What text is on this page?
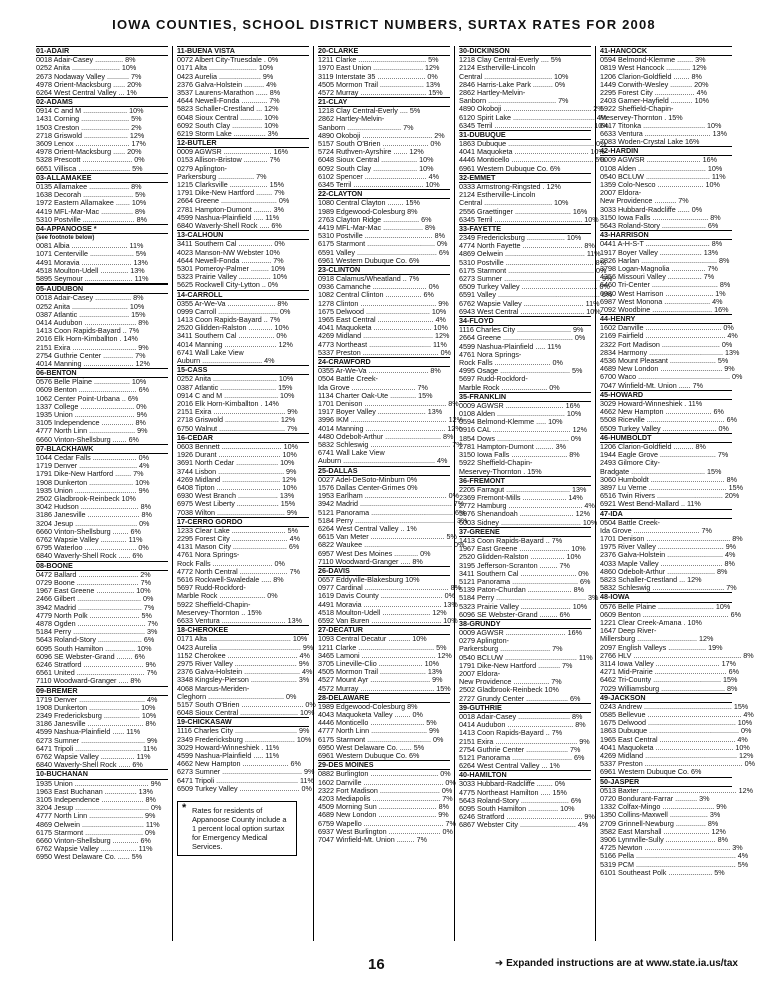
IOWA COUNTIES, SCHOOL DISTRICT NUMBERS, SURTAX RATES FOR 2008
01-ADAIR
0018 Adair-Casey .............. 8%
0252 Anita ........................ 10%
2673 Nodaway Valley ........... 7%
4978 Orient-Macksburg ...... 20%
6264 West Central Valley ... 1%
02-ADAMS
0914 C and M ...................... 10%
1431 Corning ........................ 5%
1503 Creston ........................ 2%
2718 Griswold ...................... 12%
3609 Lenox ........................... 17%
4978 Orient-Macksburg ...... 20%
5328 Prescott ......................... 0%
6651 Villisca .......................... 5%
03-ALLAMAKEE
0135 Allamakee .................... 8%
1638 Decorah ......................... 5%
1972 Eastern Allamakee ....... 10%
4419 MFL-Mar-Mac ................ 8%
5310 Postville .......................... 8%
04-APPANOOSE *
(see footnote below)
0081 Albia ............................ 11%
1071 Centerville ...................... 5%
4491 Moravia ......................... 13%
4518 Moulton-Udell .............. 13%
5895 Seymour ........................ 11%
05-AUDUBON
0018 Adair-Casey .................. 8%
0252 Anita ............................ 10%
0387 Atlantic ......................... 15%
0414 Audubon .......................... 8%
1413 Coon Rapids-Bayard .. 7%
2016 Elk Horn-Kimballton . 14%
2151 Exira ................................ 9%
2754 Guthrie Center ............... 7%
4014 Manning ......................... 12%
06-BENTON
0576 Belle Plaine .................. 10%
0609 Benton ............................. 6%
1062 Center Point-Urbana .. 6%
1337 College ........................... 0%
1935 Union .............................. 9%
3105 Independence ................ 8%
4777 North Linn ....................... 9%
6660 Vinton-Shellsburg ....... 6%
07-BLACKHAWK
1044 Cedar Falls ...................... 0%
1719 Denver ............................. 4%
1791 Dike-New Hartford ........ 7%
1908 Dunkerton ...................... 10%
1935 Union ............................... 9%
2502 Gladbrook-Reinbeck 10%
3042 Hudson ............................. 8%
3186 Janesville .......................... 8%
3204 Jesup ............................... 0%
6660 Vinton-Shellsburg ........ 6%
6762 Wapsie Valley ............. 11%
6795 Waterloo .......................... 0%
6840 Waverly-Shell Rock ...... 6%
08-BOONE
0472 Ballard .............................. 2%
0729 Boone ............................... 7%
1967 East Greene ................... 10%
2466 Gilbert ................................ 0%
3942 Madrid ................................ 7%
4779 North Polk ......................... 5%
4878 Ogden .................................. 7%
5184 Perry .................................... 3%
5643 Roland-Story ...................... 6%
6095 South Hamilton ............... 10%
6096 SE Webster-Grand ........ 6%
6246 Stratford .............................. 9%
6561 United .................................. 7%
7110 Woodward-Granger ..... 8%
09-BREMER
1719 Denver ................................. 4%
1908 Dunkerton ......................... 10%
2349 Fredericksburg .................. 10%
3186 Janesville ............................ 8%
4599 Nashua-Plainfield ...... 11%
6273 Sumner ................................ 9%
6471 Tripoli ................................. 11%
6762 Wapsie Valley ................. 11%
6840 Waverly-Shell Rock ...... 6%
10-BUCHANAN
1935 Union ..................................... 9%
1963 East Buchanan ................ 13%
3105 Independence ..................... 8%
3204 Jesup ..................................... 0%
4777 North Linn ........................... 9%
4869 Oelwein ............................... 11%
6175 Starmont ............................. 0%
6660 Vinton-Shellsburg ............. 6%
6762 Wapsie Valley .................. 11%
6950 West Delaware Co. ...... 5%
11-BUENA VISTA
0072 Albert City-Truesdale . 0%
0171 Alta ........................ 10%
0423 Aurelia ..................... 9%
2376 Galva-Holstein .......... 4%
3537 Laurens-Marathon ...... 8%
4644 Newell-Fonda ............. 7%
5823 Schaller-Crestland ... 12%
6048 Sioux Central ........... 10%
6092 South Clay ............... 10%
6219 Storm Lake ................ 3%
12-BUTLER
0009 AGWSR ........................ 16%
0153 Allison-Bristow ............ 7%
0279 Aplington-
Parkersburg .................. 7%
1215 Clarksville ................... 15%
1791 Dike-New Hartford ........ 7%
2664 Greene ............................ 0%
2781 Hampton-Dumont ......... 3%
4599 Nashua-Plainfield ..... 11%
6840 Waverly-Shell Rock ..... 6%
13-CALHOUN
3411 Southern Cal ................. 0%
4023 Manson-NW Webster 10%
4644 Newell-Fonda ............... 7%
5301 Pomeroy-Palmer ......... 10%
5323 Prairie Valley ................ 10%
5625 Rockwell City-Lytton .. 0%
14-CARROLL
0355 Ar-We-Va ........................ 8%
0999 Carroll .............................. 0%
1413 Coon Rapids-Bayard .. 7%
2520 Glidden-Ralston ............ 10%
3411 Southern Cal .................. 0%
4014 Manning .......................... 12%
6741 Wall Lake View
Auburn .............................. 4%
15-CASS
0252 Anita ................................ 10%
0387 Atlantic ............................ 15%
0914 C and M ........................... 10%
2016 Elk Horn-Kimballton . 14%
2151 Exira .................................... 9%
2718 Griswold ........................... 12%
6750 Walnut ................................. 7%
16-CEDAR
0603 Bennett .............................. 10%
1926 Durant ............................... 10%
3691 North Cedar ..................... 10%
3744 Lisbon ................................. 9%
4269 Midland ............................. 12%
6408 Tipton ................................ 10%
6930 West Branch .................... 13%
6975 West Liberty ..................... 15%
7038 Wilton .................................. 9%
17-CERRO GORDO
1233 Clear Lake ........................... 5%
2295 Forest City ............................ 4%
4131 Mason City ........................... 6%
4761 Nora Springs-
Rock Falls .............................. 0%
4772 North Central ........................ 7%
5616 Rockwell-Swaledale ..... 8%
5697 Rudd-Rockford-
Marble Rock ....................... 0%
5922 Sheffield-Chapin-
Meservey-Thornton .. 15%
6633 Ventura ................................ 13%
18-CHEROKEE
0171 Alta ......................................... 10%
0423 Aurelia ......................................... 9%
1152 Cherokee ................................... 4%
2975 River Valley ............................... 9%
2376 Galva-Holstein ............................ 4%
3348 Kingsley-Pierson ....................... 3%
4068 Marcus-Meriden-
Cleghorn ...................................... 0%
5157 South O'Brien ............................... 0%
6048 Sioux Central ............................. 10%
19-CHICKASAW
1116 Charles City ............................... 9%
2349 Fredericksburg ......................... 10%
3029 Howard-Winneshiek . 11%
4599 Nashua-Plainfield ..... 11%
4662 New Hampton ....................... 6%
6273 Sumner ........................................ 9%
6471 Tripoli ......................................... 11%
6509 Turkey Valley .............................. 0%
* Rates for residents of Appanoose County include a 1 percent local option surtax for Emergency Medical Services.
20-CLARKE
1211 Clarke .................................. 5%
1970 East Union ......................... 12%
3119 Interstate 35 ........................ 0%
4505 Mormon Trail ...................... 13%
4572 Murray ................................. 15%
21-CLAY
1218 Clay Central-Everly .... 5%
2862 Hartley-Melvin-
Sanborn ........................... 7%
4890 Okoboji ................................... 2%
5157 South O'Brien ....................... 0%
5724 Ruthven-Ayrshire ....... 12%
6048 Sioux Central .................. 10%
6092 South Clay ...................... 10%
6102 Spencer ............................... 4%
6345 Terril ................................... 10%
22-CLAYTON
1080 Central Clayton ........ 15%
1989 Edgewood-Colesburg 8%
2763 Clayton Ridge .................. 6%
4419 MFL-Mar-Mac .................... 8%
5310 Postville .................................. 8%
6175 Starmont .................................. 0%
6591 Valley ........................................ 6%
6961 Western Dubuque Co. 6%
23-CLINTON
0918 Calamus/Wheatland .. 7%
0936 Camanche ........................... 0%
1082 Central Clinton .................. 6%
1278 Clinton ...................................... 9%
1675 Delwood ................................ 10%
1965 East Central ............................ 4%
4041 Maquoketa ............................. 10%
4269 Midland ................................... 12%
4773 Northeast ............................... 11%
5337 Preston ...................................... 0%
24-CRAWFORD
0355 Ar-We-Va .............................. 8%
0504 Battle Creek-
Ida Grove ................................ 7%
1134 Charter Oak-Ute ............. 15%
1701 Denison ......................................... 8%
1917 Boyer Valley ........................ 13%
3996 IKM ................................................ 12%
4014 Manning ........................................ 12%
4480 Odebolt-Arthur ............................ 8%
5832 Schleswig ........................................ 7%
6741 Wall Lake View
Auburn .............................................. 4%
25-DALLAS
0027 Adel-DeSoto-Minburn 0%
1576 Dallas Center-Grimes 0%
1953 Earlham ......................................... 0%
3942 Madrid .............................................. 7%
5121 Panorama ......................................... 6%
5184 Perry .................................................. 3%
6264 West Central Valley .. 1%
6615 Van Meter ..................................... 5%
6822 Waukee ............................................ 0%
6957 West Des Moines ............ 0%
7110 Woodward-Granger ..... 8%
26-DAVIS
0657 Eddyville-Blakesburg 10%
0977 Cardinal .......................................... 8%
1619 Davis County ............................... 0%
4491 Moravia ....................................... 13%
4518 Moulton-Udell ........................ 12%
6592 Van Buren ................................... 10%
27-DECATUR
1093 Central Decatur ........... 10%
1211 Clarke ...................................... 5%
3465 Lamoni ..................................... 12%
3705 Lineville-Clio ...................... 10%
4505 Mormon Trail ....................... 13%
4527 Mount Ayr .............................. 9%
4572 Murray ..................................... 15%
28-DELAWARE
1989 Edgewood-Colesburg 8%
4043 Maquoketa Valley ........ 0%
4446 Monticello ........................... 5%
4777 North Linn ............................ 9%
6175 Starmont ................................ 0%
6950 West Delaware Co. ...... 5%
6961 Western Dubuque Co. 6%
29-DES MOINES
0882 Burlington .................................. 0%
1602 Danville ........................................ 0%
2322 Fort Madison .............................. 0%
4203 Mediapolis .................................. 7%
4509 Morning Sun ............................. 8%
4689 New London ............................. 9%
6759 Wapello ........................................ 7%
6937 West Burlington .......................... 0%
7047 Winfield-Mt. Union ......... 7%
30-DICKINSON
1218 Clay Central-Everly .... 5%
2124 Estherville-Lincoln
Central .................................. 10%
2846 Harris-Lake Park .......... 0%
2862 Hartley-Melvin-
Sanborn .................................. 7%
4890 Okoboji ............................................ 2%
6120 Spirit Lake ......................................... 4%
6345 Terril ................................................. 10%
31-DUBUQUE
1863 Dubuque ........................................... 0%
4041 Maquoketa ..................................... 10%
4446 Monticello ......................................... 5%
6961 Western Dubuque Co. 6%
32-EMMET
0333 Armstrong-Ringsted . 12%
2124 Estherville-Lincoln
Central .................................. 10%
2556 Graettinger ............................ 16%
6345 Terril ............................................ 10%
33-FAYETTE
2349 Fredericksburg ................... 10%
4774 North Fayette .............................. 8%
4869 Oelwein ........................................ 11%
5310 Postville ............................................ 8%
6175 Starmont ........................................... 0%
6273 Sumner ................................................ 9%
6509 Turkey Valley ...................................... 0%
6591 Valley ................................................... 6%
6762 Wapsie Valley .............................. 11%
6943 West Central ................................ 10%
34-FLOYD
1116 Charles City ........................... 9%
2664 Greene ................................... 0%
4599 Nashua-Plainfield ..... 11%
4761 Nora Springs-
Rock Falls ............................ 0%
4995 Osage ................................... 5%
5697 Rudd-Rockford-
Marble Rock ....................... 0%
35-FRANKLIN
0009 AGWSR ............................. 16%
0108 Alden .................................. 10%
0594 Belmond-Klemme ..... 10%
0916 CAL ....................................... 12%
1854 Dows .................................... 0%
2781 Hampton-Dumont ......... 3%
3150 Iowa Falls ............................ 8%
5922 Sheffield-Chapin-
Meservey-Thornton . 15%
36-FREMONT
2205 Farragut ................................ 13%
2369 Fremont-Mills ...................... 14%
2772 Hamburg ..................................... 4%
5976 Shenandoah ........................... 12%
6003 Sidney ........................................ 10%
37-GREENE
1413 Coon Rapids-Bayard .. 7%
1967 East Greene ......................... 10%
2520 Glidden-Ralston ................. 10%
3195 Jefferson-Scranton ......... 7%
3411 Southern Cal ............................ 0%
5121 Panorama ................................. 6%
5139 Paton-Churdan ...................... 8%
5184 Perry ............................................. 3%
5323 Prairie Valley ......................... 10%
6096 SE Webster-Grand ......... 6%
38-GRUNDY
0009 AGWSR .............................. 16%
0279 Aplington-
Parkersburg ......................... 7%
0540 BCLUW .................................... 11%
1791 Dike-New Hartford ........... 7%
2007 Eldora-
New Providence .................. 7%
2502 Gladbrook-Reinbeck 10%
2727 Grundy Center ..................... 6%
39-GUTHRIE
0018 Adair-Casey .......................... 8%
0414 Audubon ................................. 8%
1413 Coon Rapids-Bayard .. 7%
2151 Exira ......................................... 9%
2754 Guthrie Center ..................... 7%
5121 Panorama .............................. 6%
6264 West Central Valley ... 1%
40-HAMILTON
3033 Hubbard-Radcliffe ........ 0%
4775 Northeast Hamilton ..... 15%
5643 Roland-Story ........................ 6%
6095 South Hamilton ............... 10%
6246 Stratford ...................................... 9%
6867 Webster City ............................ 4%
41-HANCOCK
0594 Belmond-Klemme ........ 3%
0819 West Hancock ............ 12%
1206 Clarion-Goldfield ........ 8%
1449 Corwith-Wesley ........... 20%
2295 Forest City .................... 4%
2403 Garner-Hayfield ........... 10%
5922 Sheffield-Chapin-
Meservey-Thornton . 15%
6417 Titonka ............................... 10%
6633 Ventura ................................. 13%
7083 Woden-Crystal Lake 16%
42-HARDIN
0009 AGWSR ........................... 16%
0108 Alden .................................. 10%
0540 BCLUW ................................ 11%
1359 Colo-Nesco ....................... 10%
2007 Eldora-
New Providence ........... 7%
3033 Hubbard-Radcliffe ...... 0%
3150 Iowa Falls ............................ 8%
5643 Roland-Story ...................... 6%
43-HARRISON
0441 A-H-S-T ................................ 8%
1917 Boyer Valley ..................... 13%
2826 Harlan ...................................... 8%
3798 Logan-Magnolia ................. 7%
4356 Missouri Valley ................. 7%
6460 Tri-Center ................................. 8%
6980 West Harrison ........................ 1%
6987 West Monona ....................... 4%
7092 Woodbine .............................. 16%
44-HENRY
1602 Danville ...................................... 0%
2169 Fairfield ........................................ 4%
2322 Fort Madison ............................. 0%
2834 Harmony ..................................... 13%
4536 Mount Pleasant ....................... 5%
4689 New London ............................... 9%
6700 Waco .............................................. 0%
7047 Winfield-Mt. Union ...... 7%
45-HOWARD
3029 Howard-Winneshiek . 11%
4662 New Hampton ....................... 6%
5508 Riceville ....................................... 6%
6509 Turkey Valley ........................... 0%
46-HUMBOLDT
1206 Clarion-Goldfield .......... 8%
1944 Eagle Grove ............................ 7%
2493 Gilmore City-
Bradgate ..................................... 15%
3060 Humboldt ..................................... 8%
3897 Lu Verne ....................................... 15%
6516 Twin Rivers ................................. 20%
6921 West Bend-Mallard .. 11%
47-IDA
0504 Battle Creek-
Ida Grove ................................. 7%
1701 Denison .......................................... 8%
1975 River Valley ................................. 9%
2376 Galva-Holstein ............................ 4%
4033 Maple Valley ............................... 8%
4860 Odebolt-Arthur ........................ 8%
5823 Schaller-Crestland ... 12%
5832 Schleswig .................................... 7%
48-IOWA
0576 Belle Plaine ............................ 10%
0609 Benton ........................................... 6%
1221 Clear Creek-Amana . 10%
1647 Deep River-
Millersburg .............................. 12%
2097 English Valleys ................... 19%
2766 HLV ...................................................... 8%
3114 Iowa Valley ................................ 17%
4271 Mid-Prairie .................................... 6%
6462 Tri-County .................................. 15%
7029 Williamsburg ................................ 8%
49-JACKSON
0243 Andrew ............................................ 15%
0585 Bellevue ............................................... 4%
1675 Delwood ............................................ 10%
1863 Dubuque ............................................. 0%
1965 East Central ...................................... 4%
4041 Maquoketa ....................................... 10%
4269 Midland .............................................. 12%
5337 Preston ................................................. 0%
6961 Western Dubuque Co. 6%
50-JASPER
0513 Baxter ................................................ 12%
0720 Bondurant-Farrar ........... 3%
1332 Colfax-Mingo .......................... 9%
1350 Collins-Maxwell ................... 3%
2709 Grinnell-Newburg ............... 8%
3582 East Marshall ....................... 12%
3906 Lynnville-Sully ......................... 8%
4725 Newton ........................................... 3%
5166 Pella .................................................. 4%
5319 PCM .................................................. 5%
6101 Southeast Polk ...................... 5%
16	➜ Expanded instructions are at www.state.ia.us/tax
